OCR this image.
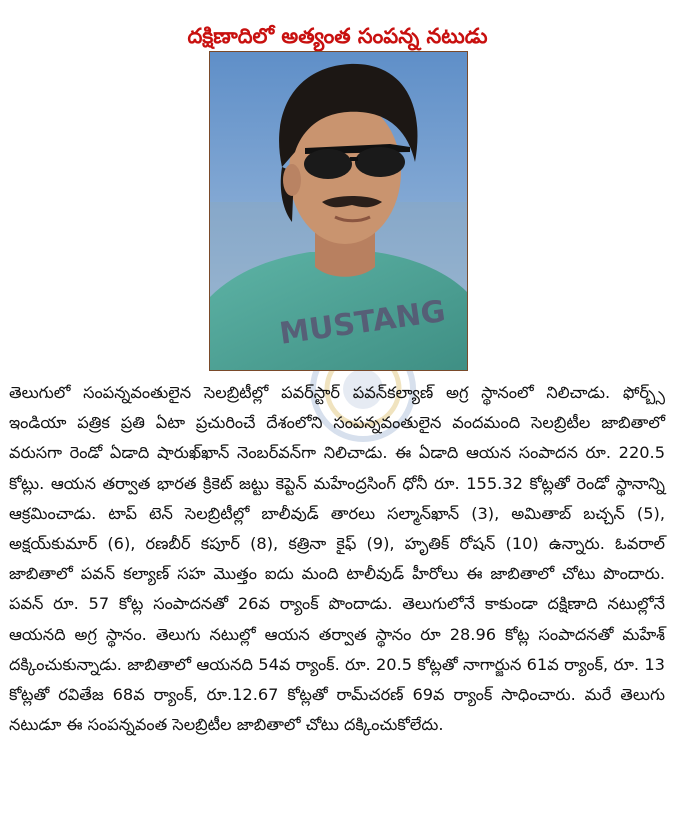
దక్షిణాదిలో అత్యంత సంపన్న నటుడు
MUSTANG

తెలుగులో సంపన్నవంతులైన సెలబ్రిటీల్లో పవర్‌స్టార్ పవన్‌కల్యాణ్ అగ్ర స్థానంలో నిలిచాడు. ఫోర్బ్స్ ఇండియా పత్రిక ప్రతి ఏటా ప్రచురించే దేశంలోని సంపన్నవంతులైన వందమంది సెలబ్రిటీల జాబితాలో వరుసగా రెండో ఏడాది షారుఖ్‌ఖాన్ నెంబర్‌వన్‌గా నిలిచాడు. ఈ ఏడాది ఆయన సంపాదన రూ. 220.5 కోట్లు. ఆయన తర్వాత భారత క్రికెట్ జట్టు కెప్టెన్ మహేంద్రసింగ్ ధోనీ రూ. 155.32 కోట్లతో రెండో స్థానాన్ని ఆక్రమించాడు. టాప్ టెన్ సెలబ్రిటీల్లో బాలీవుడ్ తారలు సల్మాన్‌ఖాన్ (3), అమితాబ్ బచ్చన్ (5), అక్షయ్‌కుమార్ (6), రణబీర్ కపూర్ (8), కత్రినా కైఫ్ (9), హృతిక్ రోషన్ (10) ఉన్నారు. ఓవరాల్ జాబితాలో పవన్ కల్యాణ్ సహ మొత్తం ఐదు మంది టాలీవుడ్ హీరోలు ఈ జాబితాలో చోటు పొందారు. పవన్ రూ. 57 కోట్ల సంపాదనతో 26వ ర్యాంక్ పొందాడు. తెలుగులోనే కాకుండా దక్షిణాది నటుల్లోనే ఆయనది అగ్ర స్థానం. తెలుగు నటుల్లో ఆయన తర్వాత స్థానం రూ 28.96 కోట్ల సంపాదనతో మహేశ్ దక్కించుకున్నాడు. జాబితాలో ఆయనది 54వ ర్యాంక్. రూ. 20.5 కోట్లతో నాగార్జున 61వ ర్యాంక్, రూ. 13 కోట్లతో రవితేజ 68వ ర్యాంక్, రూ.12.67 కోట్లతో రామ్‌చరణ్ 69వ ర్యాంక్ సాధించారు. మరే తెలుగు నటుడూ ఈ సంపన్నవంత సెలబ్రిటీల జాబితాలో చోటు దక్కించుకోలేదు.
